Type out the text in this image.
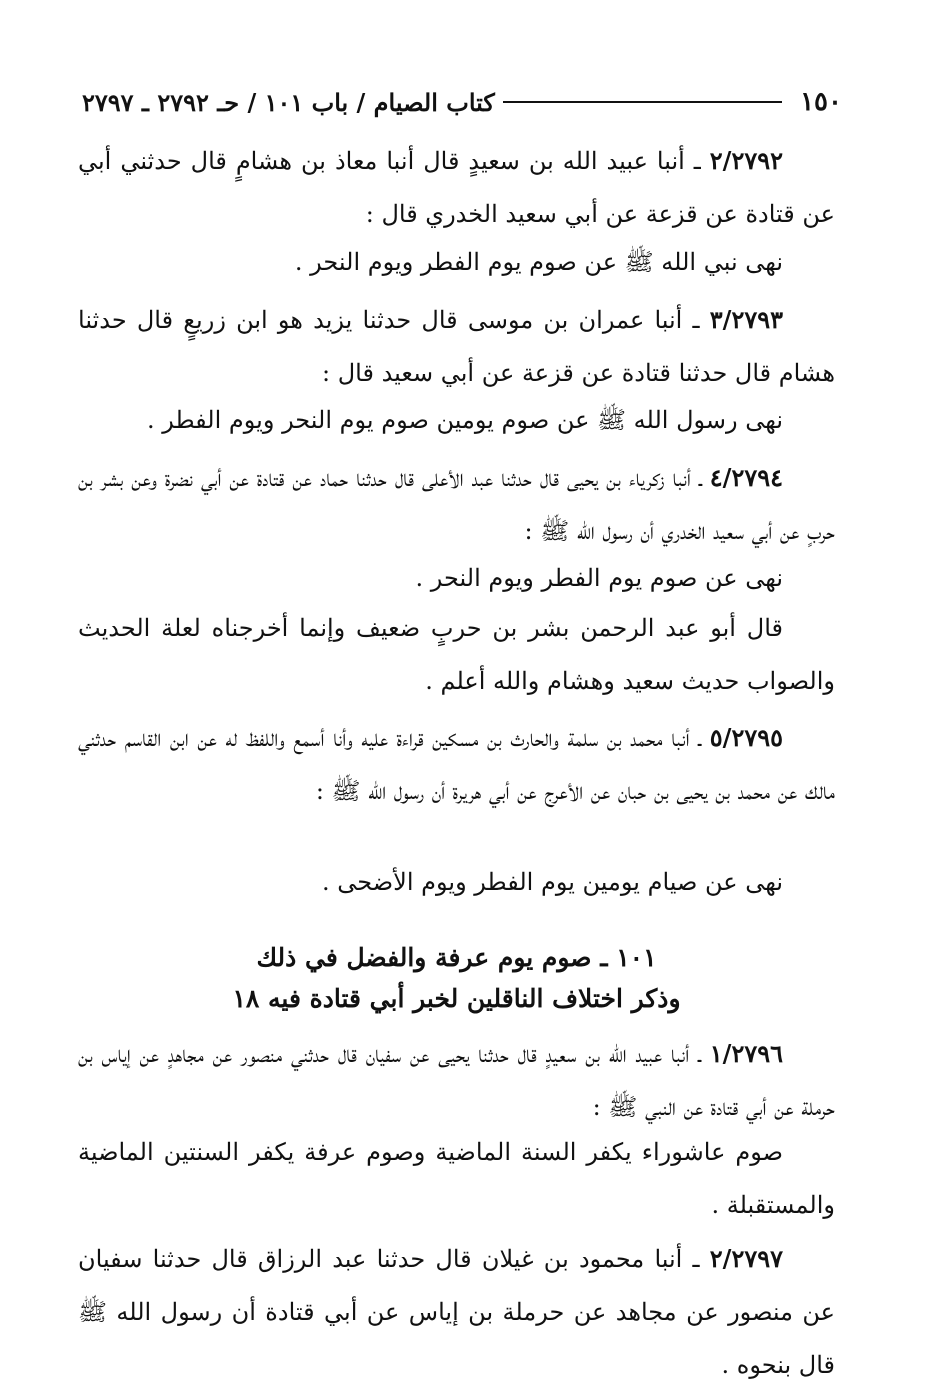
١٥٠
كتاب الصيام / باب ١٠١ / حـ ٢٧٩٢ ـ ٢٧٩٧

٢/٢٧٩٢ ـ أنبا عبيد الله بن سعيدٍ قال أنبا معاذ بن هشامٍ قال حدثني أبي عن قتادة عن قزعة عن أبي سعيد الخدري قال :

نهى نبي الله ﷺ عن صوم يوم الفطر ويوم النحر .

٣/٢٧٩٣ ـ أنبا عمران بن موسى قال حدثنا يزيد هو ابن زريعٍ قال حدثنا هشام قال حدثنا قتادة عن قزعة عن أبي سعيد قال :

نهى رسول الله ﷺ عن صوم يومين صوم يوم النحر ويوم الفطر .

٤/٢٧٩٤ ـ أنبا زكرياء بن يحيى قال حدثنا عبد الأعلى قال حدثنا حماد عن قتادة عن أبي نضرة وعن بشر بن حربٍ عن أبي سعيد الخدري أن رسول الله ﷺ :

نهى عن صوم يوم الفطر ويوم النحر .

قال أبو عبد الرحمن بشر بن حربٍ ضعيف وإنما أخرجناه لعلة الحديث والصواب حديث سعيد وهشام والله أعلم .

٥/٢٧٩٥ ـ أنبا محمد بن سلمة والحارث بن مسكين قراءة عليه وأنا أسمع واللفظ له عن ابن القاسم حدثني مالك عن محمد بن يحيى بن حبان عن الأعرج عن أبي هريرة أن رسول الله ﷺ :

نهى عن صيام يومين يوم الفطر ويوم الأضحى .

١٠١ ـ صوم يوم عرفة والفضل في ذلك
وذكر اختلاف الناقلين لخبر أبي قتادة فيه ١٨

١/٢٧٩٦ ـ أنبا عبيد الله بن سعيدٍ قال حدثنا يحيى عن سفيان قال حدثني منصور عن مجاهدٍ عن إياس بن حرملة عن أبي قتادة عن النبي ﷺ :

صوم عاشوراء يكفر السنة الماضية وصوم عرفة يكفر السنتين الماضية والمستقبلة .

٢/٢٧٩٧ ـ أنبا محمود بن غيلان قال حدثنا عبد الرزاق قال حدثنا سفيان عن منصور عن مجاهد عن حرملة بن إياس عن أبي قتادة أن رسول الله ﷺ قال بنحوه .
